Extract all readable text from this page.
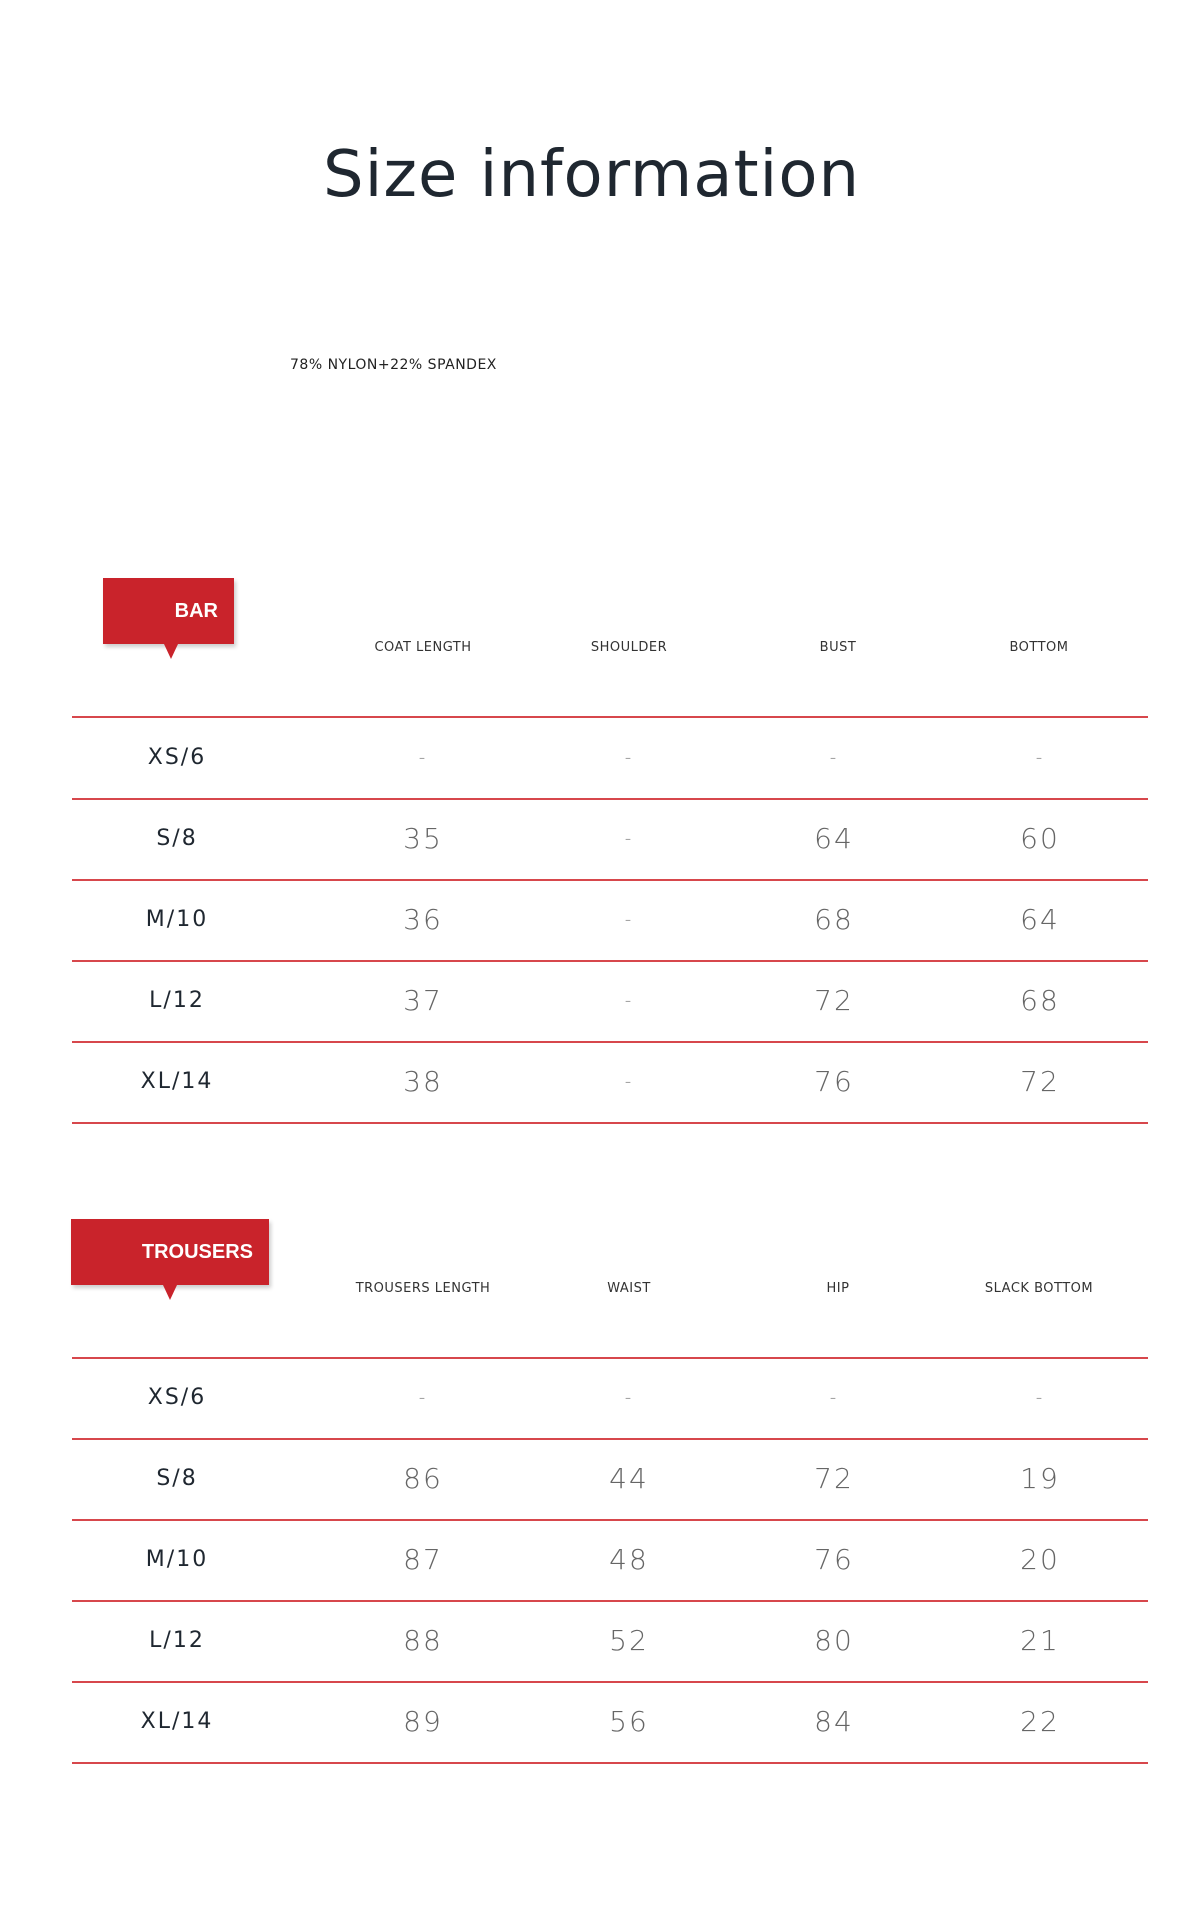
Size information
78% NYLON+22% SPANDEX
BAR
COAT LENGTH	SHOULDER	BUST	BOTTOM
XS/6	-	-	-	-
S/8	35	-	64	60
M/10	36	-	68	64
L/12	37	-	72	68
XL/14	38	-	76	72
TROUSERS
TROUSERS LENGTH	WAIST	HIP	SLACK BOTTOM
XS/6	-	-	-	-
S/8	86	44	72	19
M/10	87	48	76	20
L/12	88	52	80	21
XL/14	89	56	84	22
